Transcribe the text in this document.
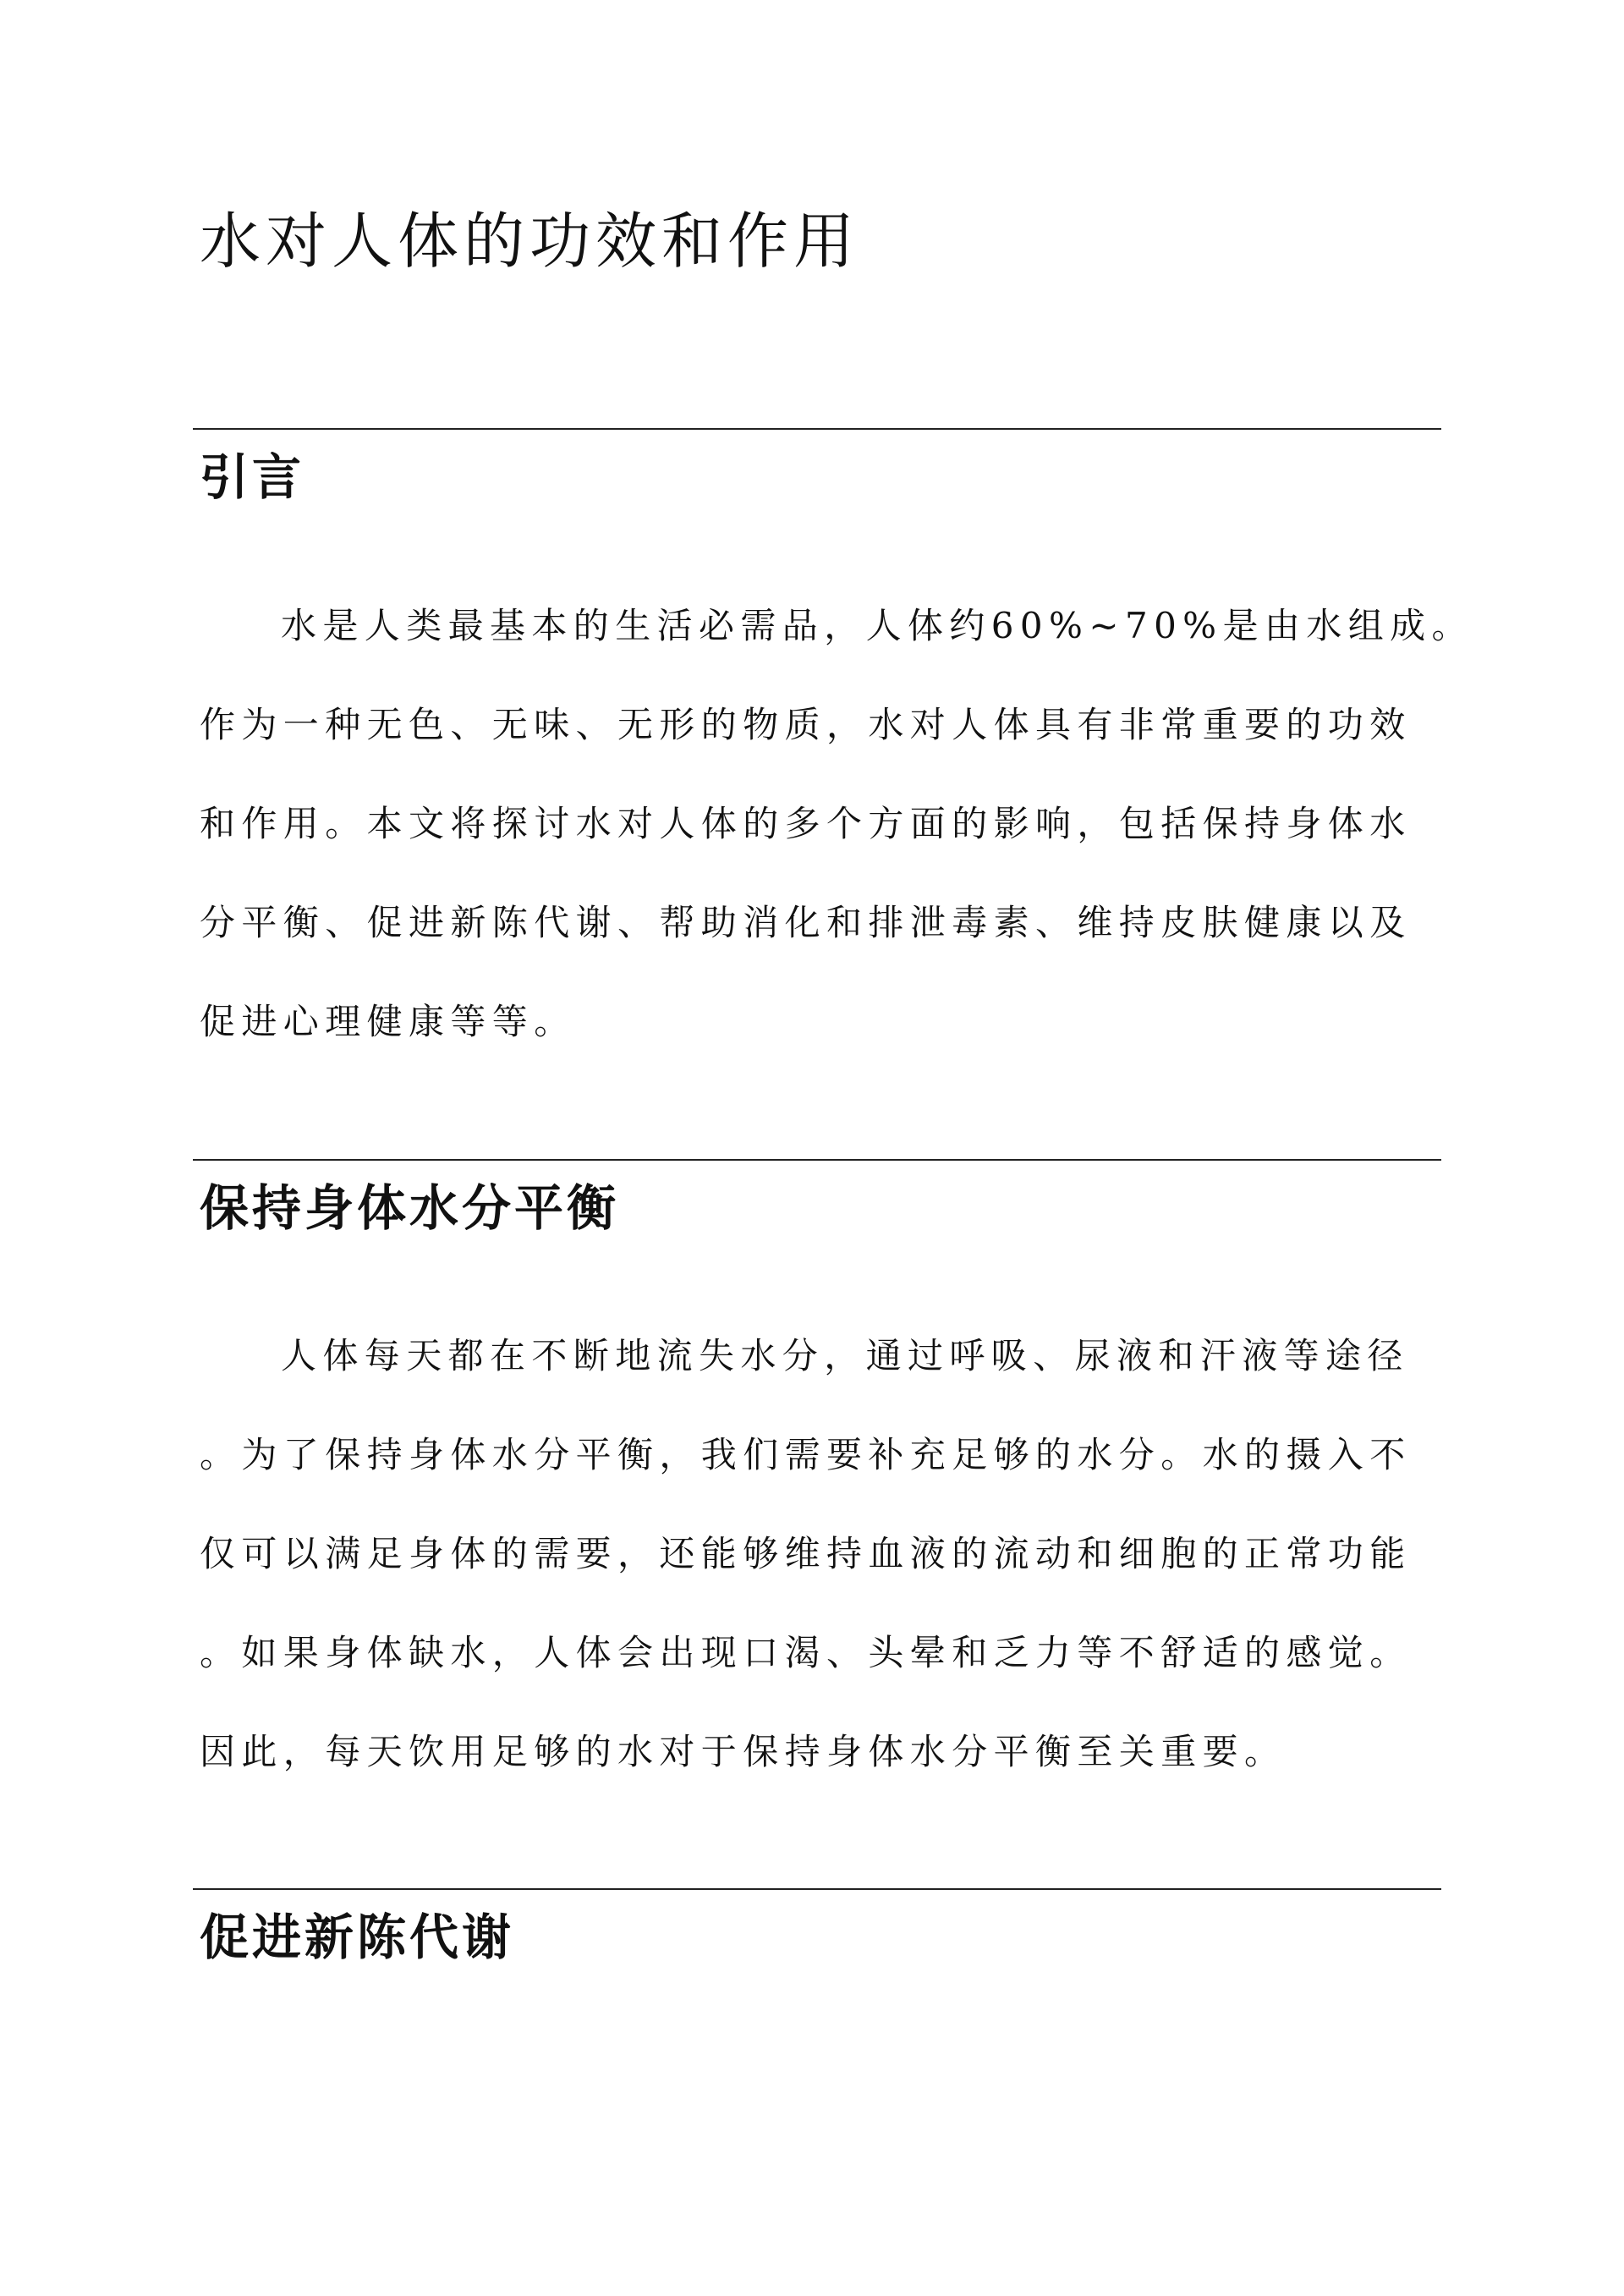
水对人体的功效和作用
引言

水是人类最基本的生活必需品，人体约60%~70%是由水组成。

作为一种无色、无味、无形的物质，水对人体具有非常重要的功效

和作用。本文将探讨水对人体的多个方面的影响，包括保持身体水

分平衡、促进新陈代谢、帮助消化和排泄毒素、维持皮肤健康以及

促进心理健康等等。

保持身体水分平衡

人体每天都在不断地流失水分，通过呼吸、尿液和汗液等途径

。为了保持身体水分平衡，我们需要补充足够的水分。水的摄入不

仅可以满足身体的需要，还能够维持血液的流动和细胞的正常功能

。如果身体缺水，人体会出现口渴、头晕和乏力等不舒适的感觉。

因此，每天饮用足够的水对于保持身体水分平衡至关重要。

促进新陈代谢
